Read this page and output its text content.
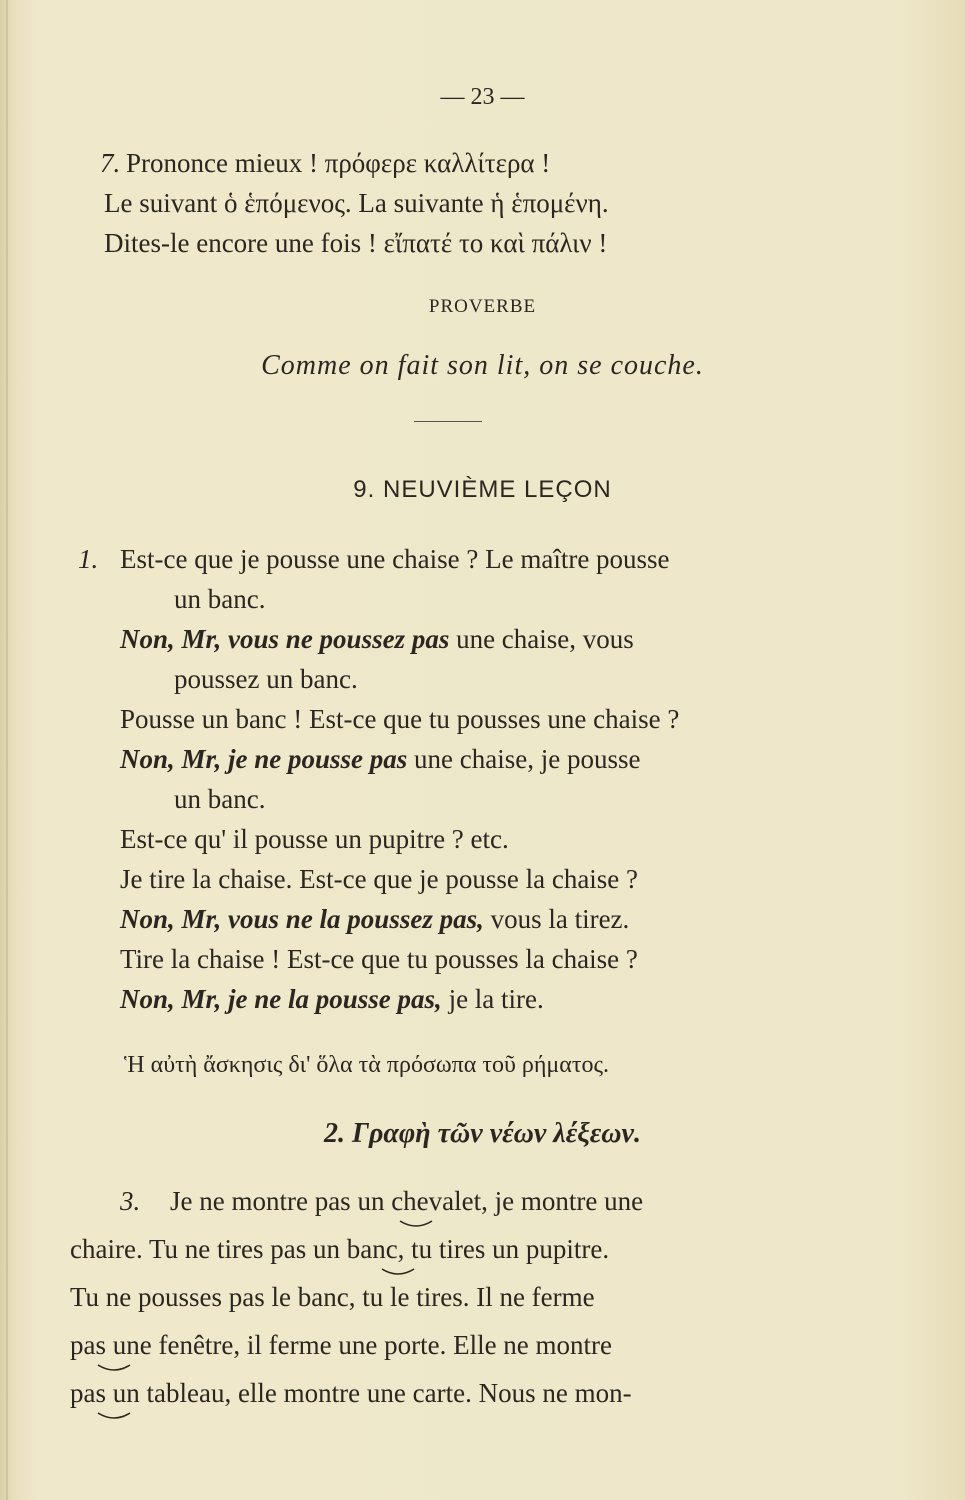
— 23 —
7. Prononce mieux ! πρόφερε καλλίτερα !
Le suivant ὁ ἑπόμενος. La suivante ἡ ἑπομένη.
Dites-le encore une fois ! εἴπατέ το καὶ πάλιν !
PROVERBE
Comme on fait son lit, on se couche.
9. NEUVIÈME LEÇON
1. Est-ce que je pousse une chaise ? Le maître pousse
un banc.
Non, Mr, vous ne poussez pas une chaise, vous
poussez un banc.
Pousse un banc ! Est-ce que tu pousses une chaise ?
Non, Mr, je ne pousse pas une chaise, je pousse
un banc.
Est-ce qu' il pousse un pupitre ? etc.
Je tire la chaise. Est-ce que je pousse la chaise ?
Non, Mr, vous ne la poussez pas, vous la tirez.
Tire la chaise ! Est-ce que tu pousses la chaise ?
Non, Mr, je ne la pousse pas, je la tire.
Ἡ αὐτὴ ἄσκησις δι' ὅλα τὰ πρόσωπα τοῦ ρήματος.
2. Γραφὴ τῶν νέων λέξεων.
3. Je ne montre pas un chevalet, je montre une
chaire. Tu ne tires pas un banc, tu tires un pupitre.
Tu ne pousses pas le banc, tu le tires. Il ne ferme
pas une fenêtre, il ferme une porte. Elle ne montre
pas un tableau, elle montre une carte. Nous ne mon-
